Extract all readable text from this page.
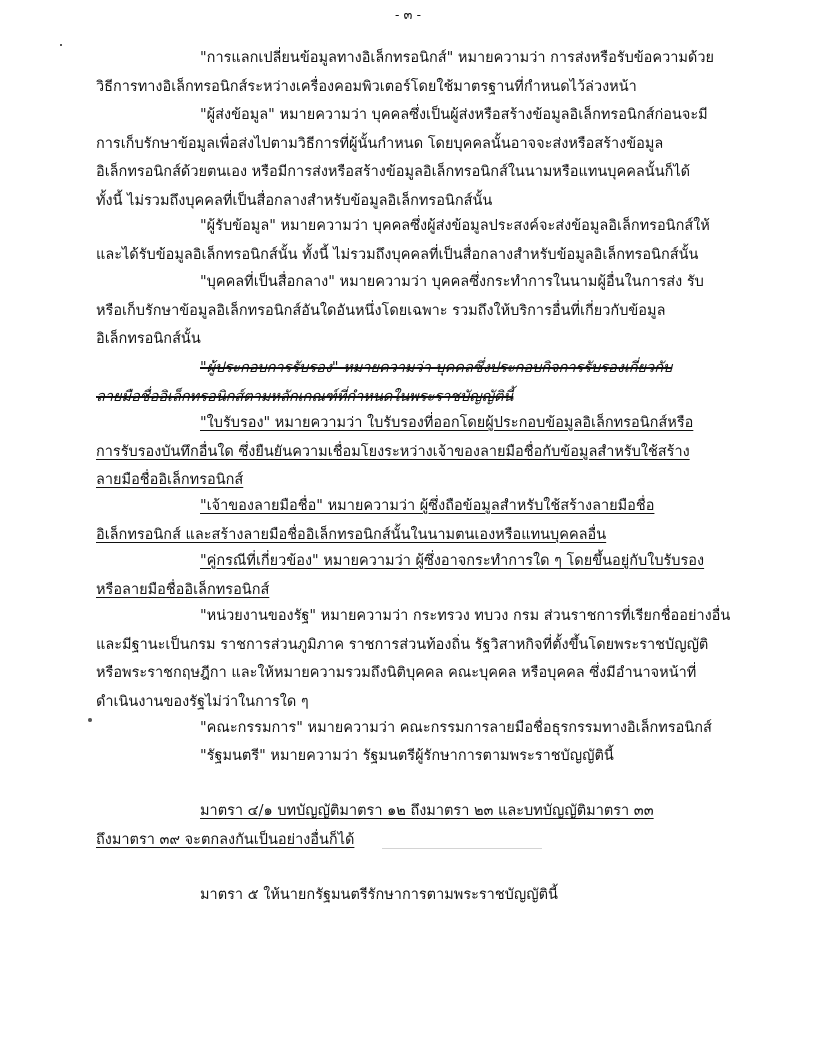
- ๓ -
"การแลกเปลี่ยนข้อมูลทางอิเล็กทรอนิกส์" หมายความว่า การส่งหรือรับข้อความด้วย
วิธีการทางอิเล็กทรอนิกส์ระหว่างเครื่องคอมพิวเตอร์โดยใช้มาตรฐานที่กำหนดไว้ล่วงหน้า
"ผู้ส่งข้อมูล" หมายความว่า บุคคลซึ่งเป็นผู้ส่งหรือสร้างข้อมูลอิเล็กทรอนิกส์ก่อนจะมี
การเก็บรักษาข้อมูลเพื่อส่งไปตามวิธีการที่ผู้นั้นกำหนด โดยบุคคลนั้นอาจจะส่งหรือสร้างข้อมูล
อิเล็กทรอนิกส์ด้วยตนเอง หรือมีการส่งหรือสร้างข้อมูลอิเล็กทรอนิกส์ในนามหรือแทนบุคคลนั้นก็ได้
ทั้งนี้ ไม่รวมถึงบุคคลที่เป็นสื่อกลางสำหรับข้อมูลอิเล็กทรอนิกส์นั้น
"ผู้รับข้อมูล" หมายความว่า บุคคลซึ่งผู้ส่งข้อมูลประสงค์จะส่งข้อมูลอิเล็กทรอนิกส์ให้
และได้รับข้อมูลอิเล็กทรอนิกส์นั้น ทั้งนี้ ไม่รวมถึงบุคคลที่เป็นสื่อกลางสำหรับข้อมูลอิเล็กทรอนิกส์นั้น
"บุคคลที่เป็นสื่อกลาง" หมายความว่า บุคคลซึ่งกระทำการในนามผู้อื่นในการส่ง รับ
หรือเก็บรักษาข้อมูลอิเล็กทรอนิกส์อันใดอันหนึ่งโดยเฉพาะ รวมถึงให้บริการอื่นที่เกี่ยวกับข้อมูล
อิเล็กทรอนิกส์นั้น
"ผู้ประกอบการรับรอง" หมายความว่า บุคคลซึ่งประกอบกิจการรับรองเกี่ยวกับ
ลายมือชื่ออิเล็กทรอนิกส์ตามหลักเกณฑ์ที่กำหนดในพระราชบัญญัตินี้
"ใบรับรอง" หมายความว่า ใบรับรองที่ออกโดยผู้ประกอบข้อมูลอิเล็กทรอนิกส์หรือ
การรับรองบันทึกอื่นใด ซึ่งยืนยันความเชื่อมโยงระหว่างเจ้าของลายมือชื่อกับข้อมูลสำหรับใช้สร้าง
ลายมือชื่ออิเล็กทรอนิกส์
"เจ้าของลายมือชื่อ" หมายความว่า ผู้ซึ่งถือข้อมูลสำหรับใช้สร้างลายมือชื่อ
อิเล็กทรอนิกส์ และสร้างลายมือชื่ออิเล็กทรอนิกส์นั้นในนามตนเองหรือแทนบุคคลอื่น
"คู่กรณีที่เกี่ยวข้อง" หมายความว่า ผู้ซึ่งอาจกระทำการใด ๆ โดยขึ้นอยู่กับใบรับรอง
หรือลายมือชื่ออิเล็กทรอนิกส์
"หน่วยงานของรัฐ" หมายความว่า กระทรวง ทบวง กรม ส่วนราชการที่เรียกชื่ออย่างอื่น
และมีฐานะเป็นกรม ราชการส่วนภูมิภาค ราชการส่วนท้องถิ่น รัฐวิสาหกิจที่ตั้งขึ้นโดยพระราชบัญญัติ
หรือพระราชกฤษฎีกา และให้หมายความรวมถึงนิติบุคคล คณะบุคคล หรือบุคคล ซึ่งมีอำนาจหน้าที่
ดำเนินงานของรัฐไม่ว่าในการใด ๆ
"คณะกรรมการ" หมายความว่า คณะกรรมการลายมือชื่อธุรกรรมทางอิเล็กทรอนิกส์
"รัฐมนตรี" หมายความว่า รัฐมนตรีผู้รักษาการตามพระราชบัญญัตินี้
มาตรา ๔/๑ บทบัญญัติมาตรา ๑๒ ถึงมาตรา ๒๓ และบทบัญญัติมาตรา ๓๓
ถึงมาตรา ๓๙ จะตกลงกันเป็นอย่างอื่นก็ได้
มาตรา ๕ ให้นายกรัฐมนตรีรักษาการตามพระราชบัญญัตินี้
